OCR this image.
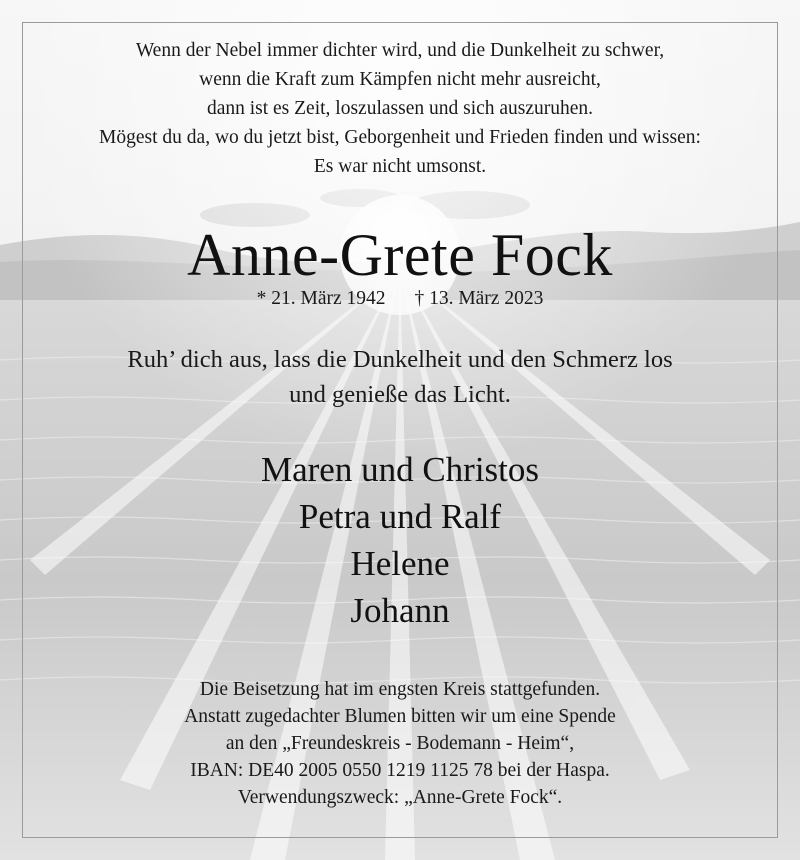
Wenn der Nebel immer dichter wird, und die Dunkelheit zu schwer,
wenn die Kraft zum Kämpfen nicht mehr ausreicht,
dann ist es Zeit, loszulassen und sich auszuruhen.
Mögest du da, wo du jetzt bist, Geborgenheit und Frieden finden und wissen:
Es war nicht umsonst.
Anne-Grete Fock
* 21. März 1942 † 13. März 2023
Ruh’ dich aus, lass die Dunkelheit und den Schmerz los
und genieße das Licht.
Maren und Christos
Petra und Ralf
Helene
Johann
Die Beisetzung hat im engsten Kreis stattgefunden.
Anstatt zugedachter Blumen bitten wir um eine Spende
an den „Freundeskreis - Bodemann - Heim“,
IBAN: DE40 2005 0550 1219 1125 78 bei der Haspa.
Verwendungszweck: „Anne-Grete Fock“.
